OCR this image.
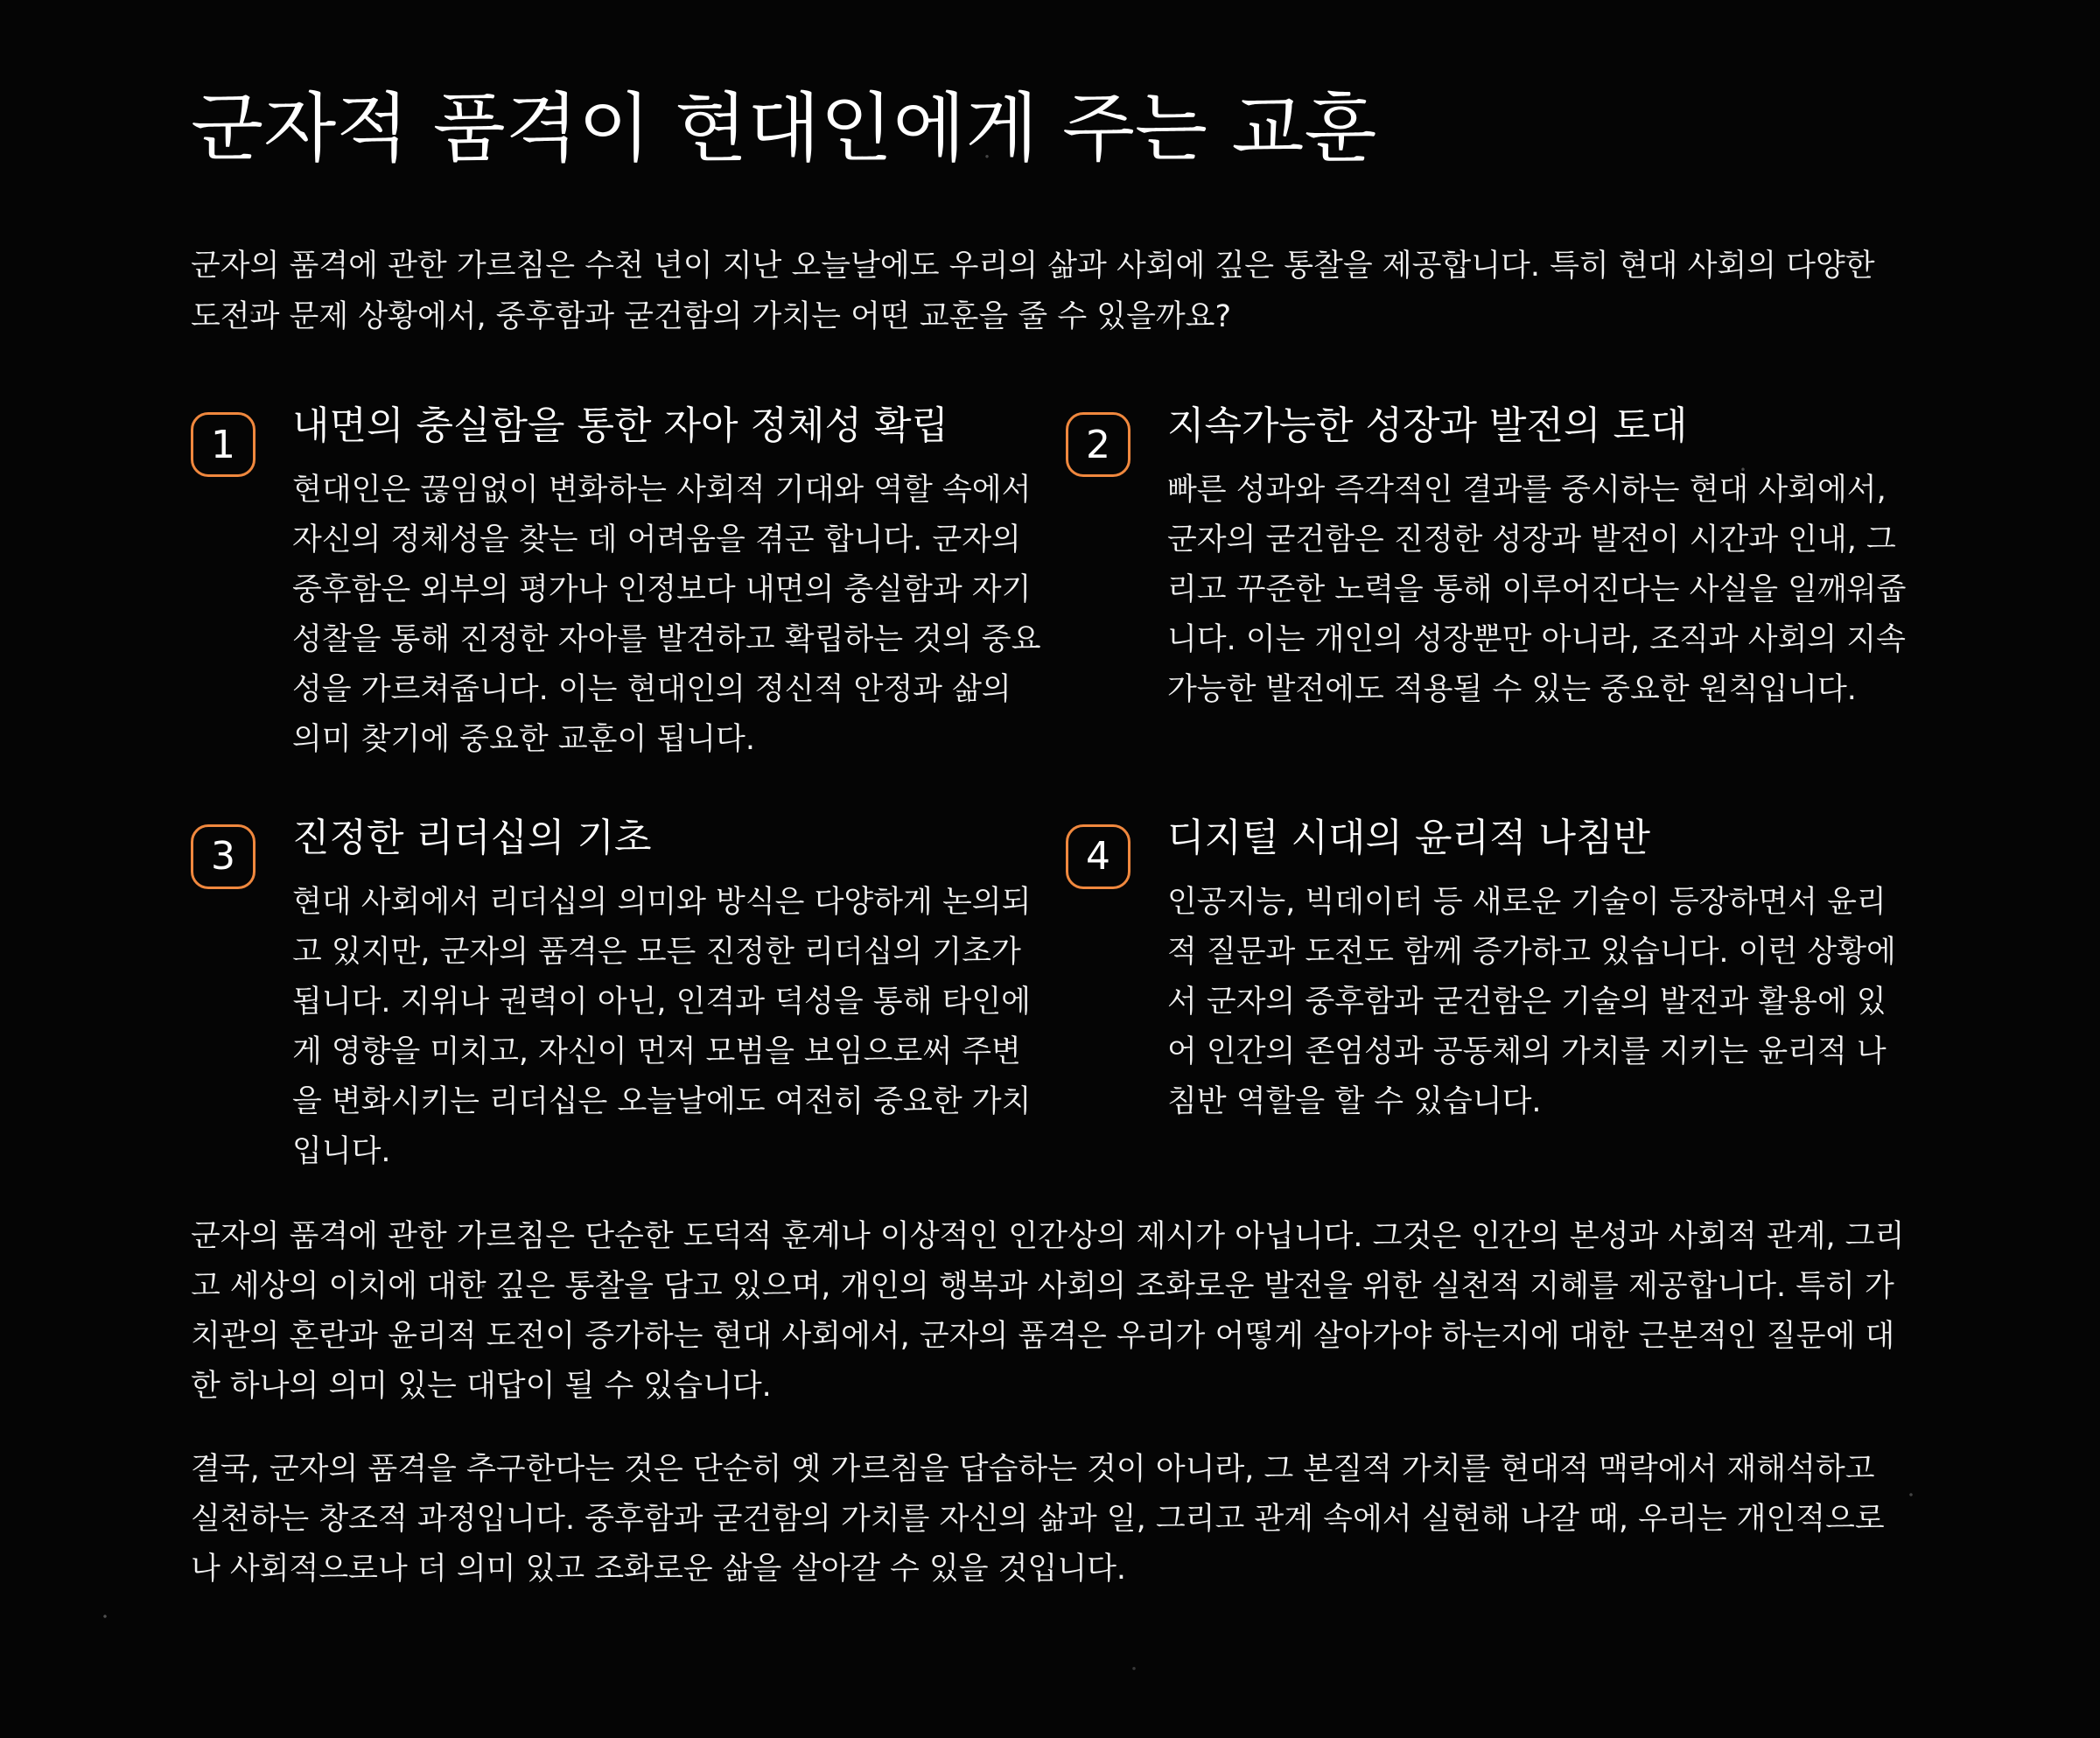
군자적 품격이 현대인에게 주는 교훈
군자의 품격에 관한 가르침은 수천 년이 지난 오늘날에도 우리의 삶과 사회에 깊은 통찰을 제공합니다. 특히 현대 사회의 다양한 도전과 문제 상황에서, 중후함과 굳건함의 가치는 어떤 교훈을 줄 수 있을까요?
1	내면의 충실함을 통한 자아 정체성 확립
현대인은 끊임없이 변화하는 사회적 기대와 역할 속에서 자신의 정체성을 찾는 데 어려움을 겪곤 합니다. 군자의 중후함은 외부의 평가나 인정보다 내면의 충실함과 자기 성찰을 통해 진정한 자아를 발견하고 확립하는 것의 중요성을 가르쳐줍니다. 이는 현대인의 정신적 안정과 삶의 의미 찾기에 중요한 교훈이 됩니다.
2	지속가능한 성장과 발전의 토대
빠른 성과와 즉각적인 결과를 중시하는 현대 사회에서, 군자의 굳건함은 진정한 성장과 발전이 시간과 인내, 그리고 꾸준한 노력을 통해 이루어진다는 사실을 일깨워줍니다. 이는 개인의 성장뿐만 아니라, 조직과 사회의 지속가능한 발전에도 적용될 수 있는 중요한 원칙입니다.
3	진정한 리더십의 기초
현대 사회에서 리더십의 의미와 방식은 다양하게 논의되고 있지만, 군자의 품격은 모든 진정한 리더십의 기초가 됩니다. 지위나 권력이 아닌, 인격과 덕성을 통해 타인에게 영향을 미치고, 자신이 먼저 모범을 보임으로써 주변을 변화시키는 리더십은 오늘날에도 여전히 중요한 가치입니다.
4	디지털 시대의 윤리적 나침반
인공지능, 빅데이터 등 새로운 기술이 등장하면서 윤리적 질문과 도전도 함께 증가하고 있습니다. 이런 상황에서 군자의 중후함과 굳건함은 기술의 발전과 활용에 있어 인간의 존엄성과 공동체의 가치를 지키는 윤리적 나침반 역할을 할 수 있습니다.

군자의 품격에 관한 가르침은 단순한 도덕적 훈계나 이상적인 인간상의 제시가 아닙니다. 그것은 인간의 본성과 사회적 관계, 그리고 세상의 이치에 대한 깊은 통찰을 담고 있으며, 개인의 행복과 사회의 조화로운 발전을 위한 실천적 지혜를 제공합니다. 특히 가치관의 혼란과 윤리적 도전이 증가하는 현대 사회에서, 군자의 품격은 우리가 어떻게 살아가야 하는지에 대한 근본적인 질문에 대한 하나의 의미 있는 대답이 될 수 있습니다.

결국, 군자의 품격을 추구한다는 것은 단순히 옛 가르침을 답습하는 것이 아니라, 그 본질적 가치를 현대적 맥락에서 재해석하고 실천하는 창조적 과정입니다. 중후함과 굳건함의 가치를 자신의 삶과 일, 그리고 관계 속에서 실현해 나갈 때, 우리는 개인적으로나 사회적으로나 더 의미 있고 조화로운 삶을 살아갈 수 있을 것입니다.
